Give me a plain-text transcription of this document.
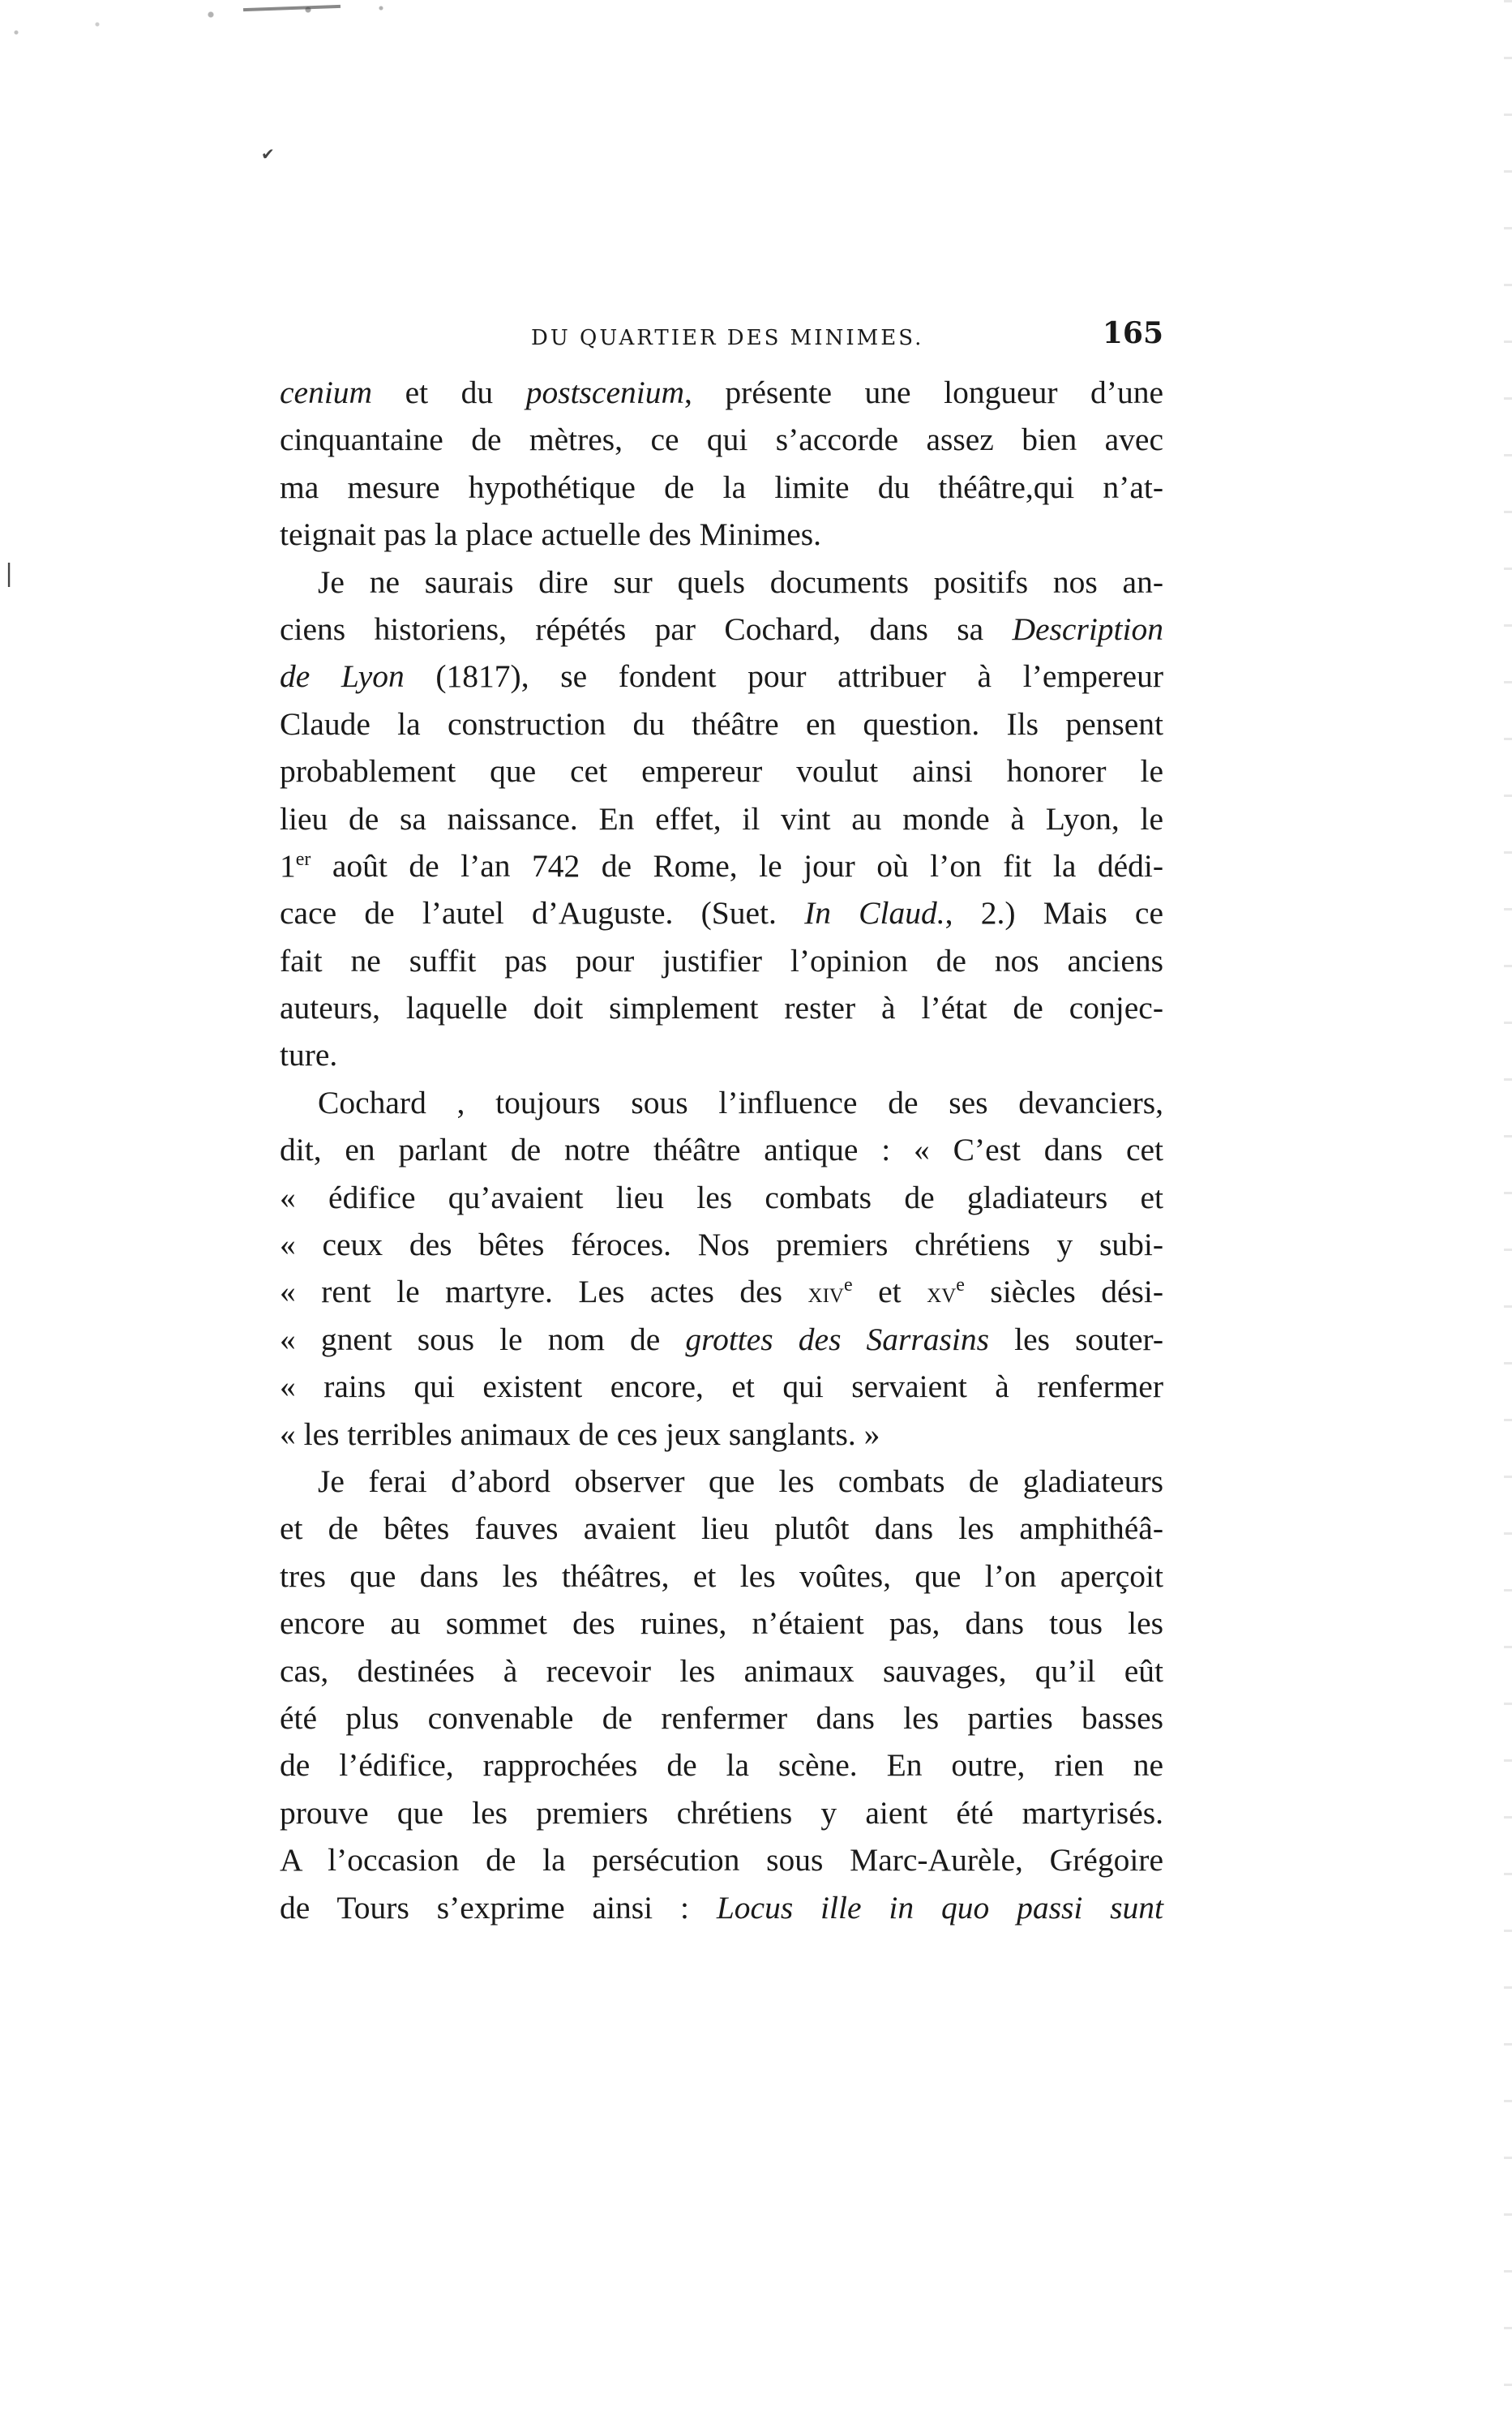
✔︎
|
DU QUARTIER DES MINIMES.	165
cenium et du postscenium, présente une longueur d’une
cinquantaine de mètres, ce qui s’accorde assez bien avec
ma mesure hypothétique de la limite du théâtre,qui n’at-
teignait pas la place actuelle des Minimes.
Je ne saurais dire sur quels documents positifs nos an-
ciens historiens, répétés par Cochard, dans sa Description
de Lyon (1817), se fondent pour attribuer à l’empereur
Claude la construction du théâtre en question. Ils pensent
probablement que cet empereur voulut ainsi honorer le
lieu de sa naissance. En effet, il vint au monde à Lyon, le
1er août de l’an 742 de Rome, le jour où l’on fit la dédi-
cace de l’autel d’Auguste. (Suet. In Claud., 2.) Mais ce
fait ne suffit pas pour justifier l’opinion de nos anciens
auteurs, laquelle doit simplement rester à l’état de conjec-
ture.
Cochard , toujours sous l’influence de ses devanciers,
dit, en parlant de notre théâtre antique : « C’est dans cet
« édifice qu’avaient lieu les combats de gladiateurs et
« ceux des bêtes féroces. Nos premiers chrétiens y subi-
« rent le martyre. Les actes des xiv$^e$ et $xv^e$ siècles dési-
« gnent sous le nom de grottes des Sarrasins les souter-
« rains qui existent encore, et qui servaient à renfermer
« les terribles animaux de ces jeux sanglants. »
Je ferai d’abord observer que les combats de gladiateurs
et de bêtes fauves avaient lieu plutôt dans les amphithéâ-
tres que dans les théâtres, et les voûtes, que l’on aperçoit
encore au sommet des ruines, n’étaient pas, dans tous les
cas, destinées à recevoir les animaux sauvages, qu’il eût
été plus convenable de renfermer dans les parties basses
de l’édifice, rapprochées de la scène. En outre, rien ne
prouve que les premiers chrétiens y aient été martyrisés.
A l’occasion de la persécution sous Marc-Aurèle, Grégoire
de Tours s’exprime ainsi : Locus ille in quo passi sunt
